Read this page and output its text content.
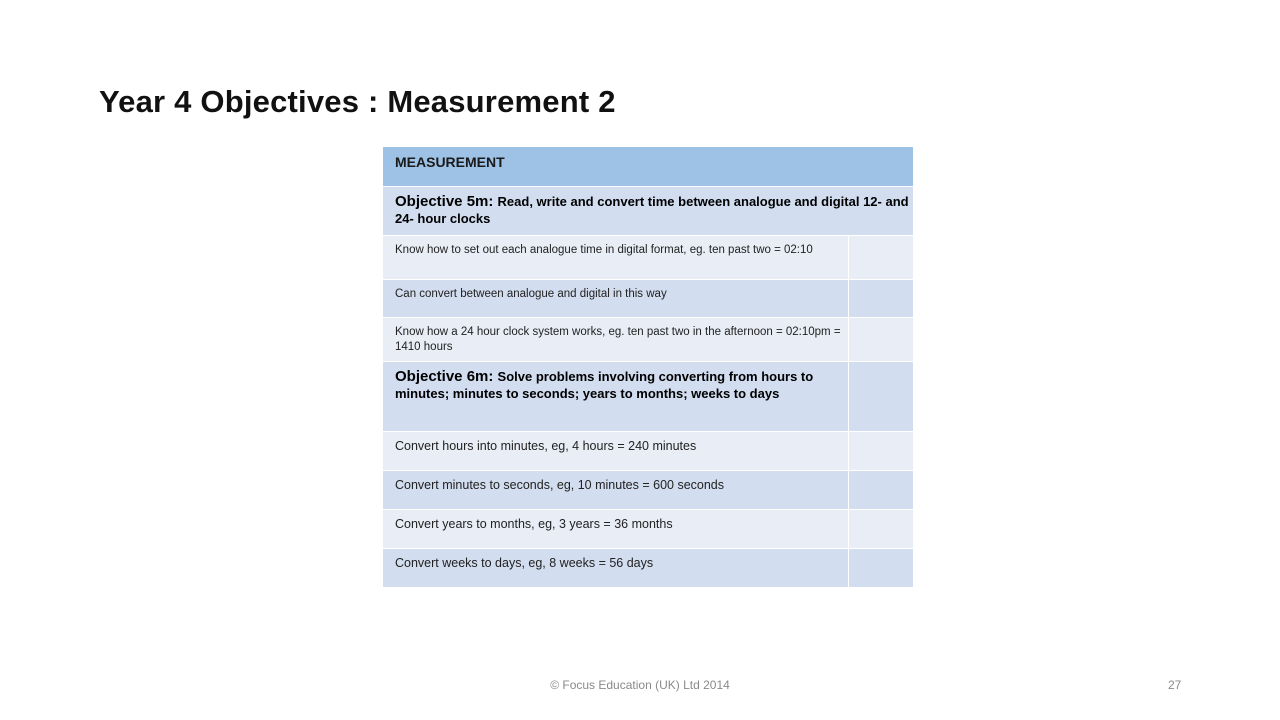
Year 4 Objectives : Measurement 2
MEASUREMENT	

Objective 5m: Read, write and convert time between analogue and digital 12- and 24- hour clocks	

Know how to set out each analogue time in digital format, eg. ten past two = 02:10	
Can convert between analogue and digital in this way	
Know how a 24 hour clock system works, eg. ten past two in the afternoon = 02:10pm = 1410 hours	

Objective 6m: Solve problems involving converting from hours to minutes; minutes to seconds; years to months; weeks to days	

Convert hours into minutes, eg, 4 hours = 240 minutes	
Convert minutes to seconds, eg, 10 minutes = 600 seconds	
Convert years to months, eg, 3 years = 36 months	
Convert weeks to days, eg, 8 weeks = 56 days	
© Focus Education (UK) Ltd 2014	27
